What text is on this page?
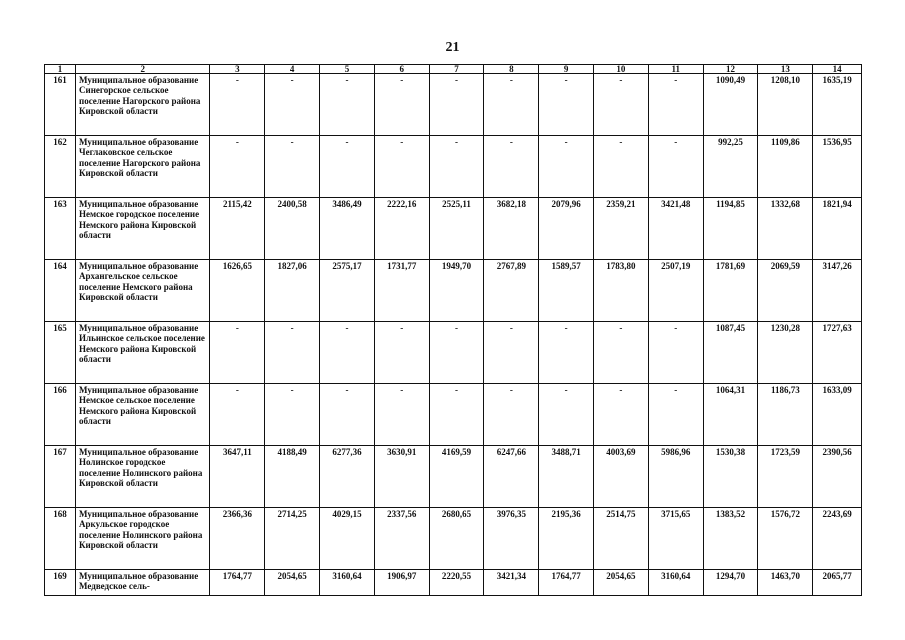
21
1	2	3	4	5	6	7	8	9	10	11	12	13	14
161	Муниципальное образование Синегорское сельское поселение Нагорского района Кировской области	-	-	-	-	-	-	-	-	-	1090,49	1208,10	1635,19
162	Муниципальное образование Чеглаковское сельское поселение Нагорского района Кировской области	-	-	-	-	-	-	-	-	-	992,25	1109,86	1536,95
163	Муниципальное образование Немское городское поселение Немского района Кировской области	2115,42	2400,58	3486,49	2222,16	2525,11	3682,18	2079,96	2359,21	3421,48	1194,85	1332,68	1821,94
164	Муниципальное образование Архангельское сельское поселение Немского района Кировской области	1626,65	1827,06	2575,17	1731,77	1949,70	2767,89	1589,57	1783,80	2507,19	1781,69	2069,59	3147,26
165	Муниципальное образование Ильинское сельское поселение Немского района Кировской области	-	-	-	-	-	-	-	-	-	1087,45	1230,28	1727,63
166	Муниципальное образование Немское сельское поселение Немского района Кировской области	-	-	-	-	-	-	-	-	-	1064,31	1186,73	1633,09
167	Муниципальное образование Нолинское городское поселение Нолинского района Кировской области	3647,11	4188,49	6277,36	3630,91	4169,59	6247,66	3488,71	4003,69	5986,96	1530,38	1723,59	2390,56
168	Муниципальное образование Аркульское городское поселение Нолинского района Кировской области	2366,36	2714,25	4029,15	2337,56	2680,65	3976,35	2195,36	2514,75	3715,65	1383,52	1576,72	2243,69
169	Муниципальное образование Медведское сель-	1764,77	2054,65	3160,64	1906,97	2220,55	3421,34	1764,77	2054,65	3160,64	1294,70	1463,70	2065,77
